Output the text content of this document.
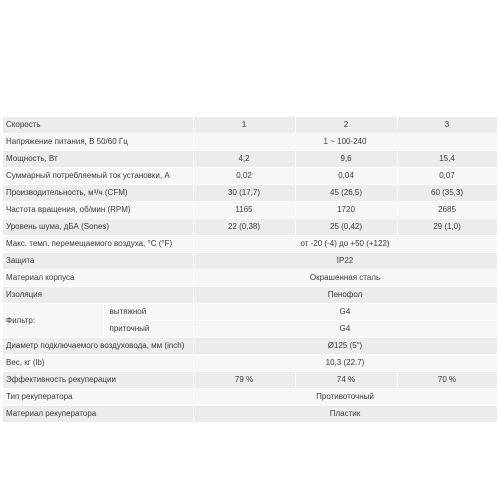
Скорость		1	2	3
Напряжение питания, В 50/60 Гц		1 ~ 100-240		
Мощность, Вт		4,2	9,6	15,4
Суммарный потребляемый ток установки, А		0,02	0,04	0,07
Производительность, м³/ч (CFM)		30 (17,7)	45 (26,5)	60 (35,3)
Частота вращения, об/мин (RPM)		1165	1720	2685
Уровень шума, дБА (Sones)		22 (0,38)	25 (0,42)	29 (1,0)
Макс. темп. перемещаемого воздуха, °C (°F)		от -20 (-4) до +50 (+122)		
Защита		IP22		
Материал корпуса		Окрашенная сталь		
Изоляция		Пенофол		
Фильтр:	вытяжной	G4		
	приточный	G4		
Диаметр подключаемого воздуховода, мм (inch)		Ø125 (5")		
Вес, кг (lb)		10,3 (22.7)		
Эффективность рекуперации		79 %	74 %	70 %
Тип рекуператора		Противоточный		
Материал рекуператора		Пластик		
